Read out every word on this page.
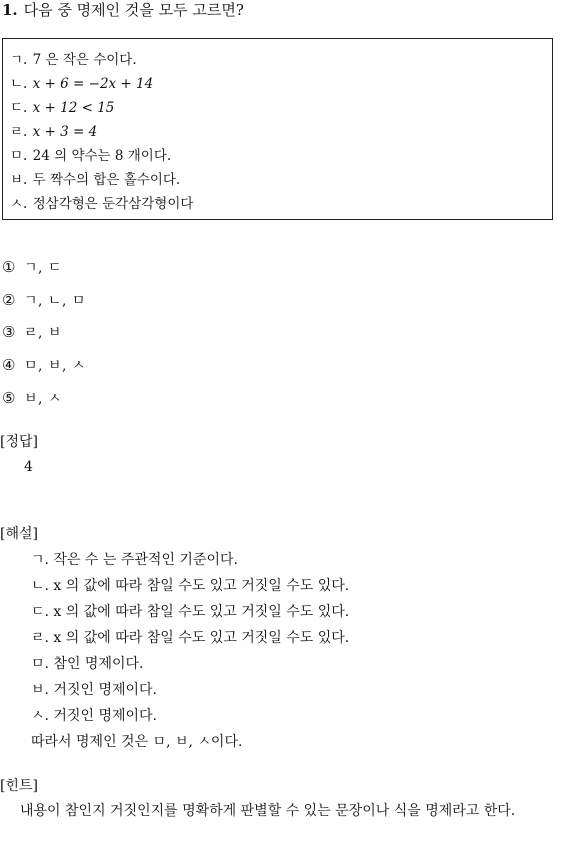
1. 다음 중 명제인 것을 모두 고르면?
ㄱ. 7 은 작은 수이다.
ㄴ. x + 6 = −2x + 14
ㄷ. x + 12 < 15
ㄹ. x + 3 = 4
ㅁ. 24 의 약수는 8 개이다.
ㅂ. 두 짝수의 합은 홀수이다.
ㅅ. 정삼각형은 둔각삼각형이다
① ㄱ, ㄷ
② ㄱ, ㄴ, ㅁ
③ ㄹ, ㅂ
④ ㅁ, ㅂ, ㅅ
⑤ ㅂ, ㅅ
[정답]
4
[해설]
ㄱ. 작은 수 는 주관적인 기준이다.
ㄴ. x 의 값에 따라 참일 수도 있고 거짓일 수도 있다.
ㄷ. x 의 값에 따라 참일 수도 있고 거짓일 수도 있다.
ㄹ. x 의 값에 따라 참일 수도 있고 거짓일 수도 있다.
ㅁ. 참인 명제이다.
ㅂ. 거짓인 명제이다.
ㅅ. 거짓인 명제이다.
따라서 명제인 것은 ㅁ, ㅂ, ㅅ이다.
[힌트]
내용이 참인지 거짓인지를 명확하게 판별할 수 있는 문장이나 식을 명제라고 한다.
